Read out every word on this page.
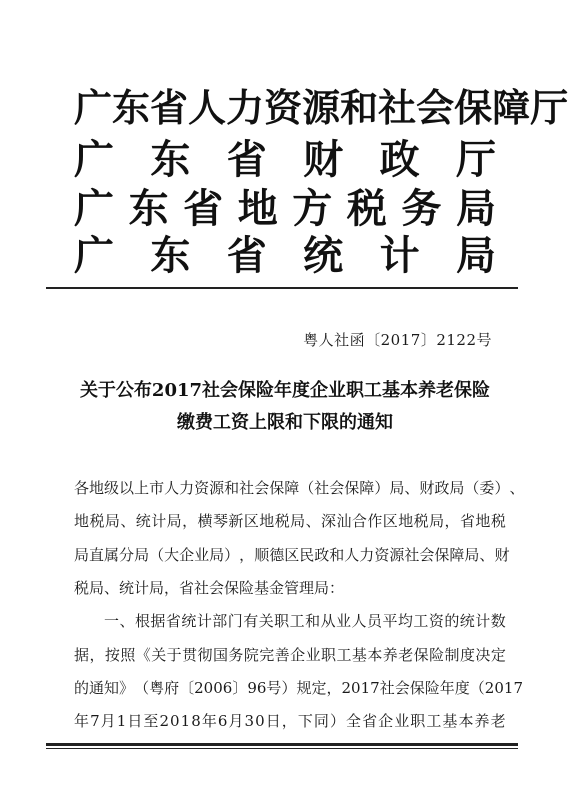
广 东 省 人 力 资 源 和 社 会 保 障 厅
广 东 省 财 政 厅
广 东 省 地 方 税 务 局
广 东 省 统 计 局
粤人社函〔2017〕2122号
关于公布2017社会保险年度企业职工基本养老保险
缴费工资上限和下限的通知
各 地 级 以 上 市 人 力 资 源 和 社 会 保 障 （ 社 会 保 障 ） 局 、 财 政 局 （ 委 ） 、
地 税 局 、 统 计 局 ， 横 琴 新 区 地 税 局 、 深 汕 合 作 区 地 税 局 ， 省 地 税
局 直 属 分 局 （ 大 企 业 局 ） ， 顺 德 区 民 政 和 人 力 资 源 社 会 保 障 局 、 财
税局、统计局，省社会保险基金管理局：
一 、 根 据 省 统 计 部 门 有 关 职 工 和 从 业 人 员 平 均 工 资 的 统 计 数
据 ， 按 照 《 关 于 贯 彻 国 务 院 完 善 企 业 职 工 基 本 养 老 保 险 制 度 决 定
的 通 知 》 （ 粤 府 〔 2 0 0 6 〕 9 6 号 ） 规 定 ， 2 0 1 7 社 会 保 险 年 度 （ 2 0 1 7
年 7 月 1 日 至 2 0 1 8 年 6 月 3 0 日 ， 下 同 ） 全 省 企 业 职 工 基 本 养 老
